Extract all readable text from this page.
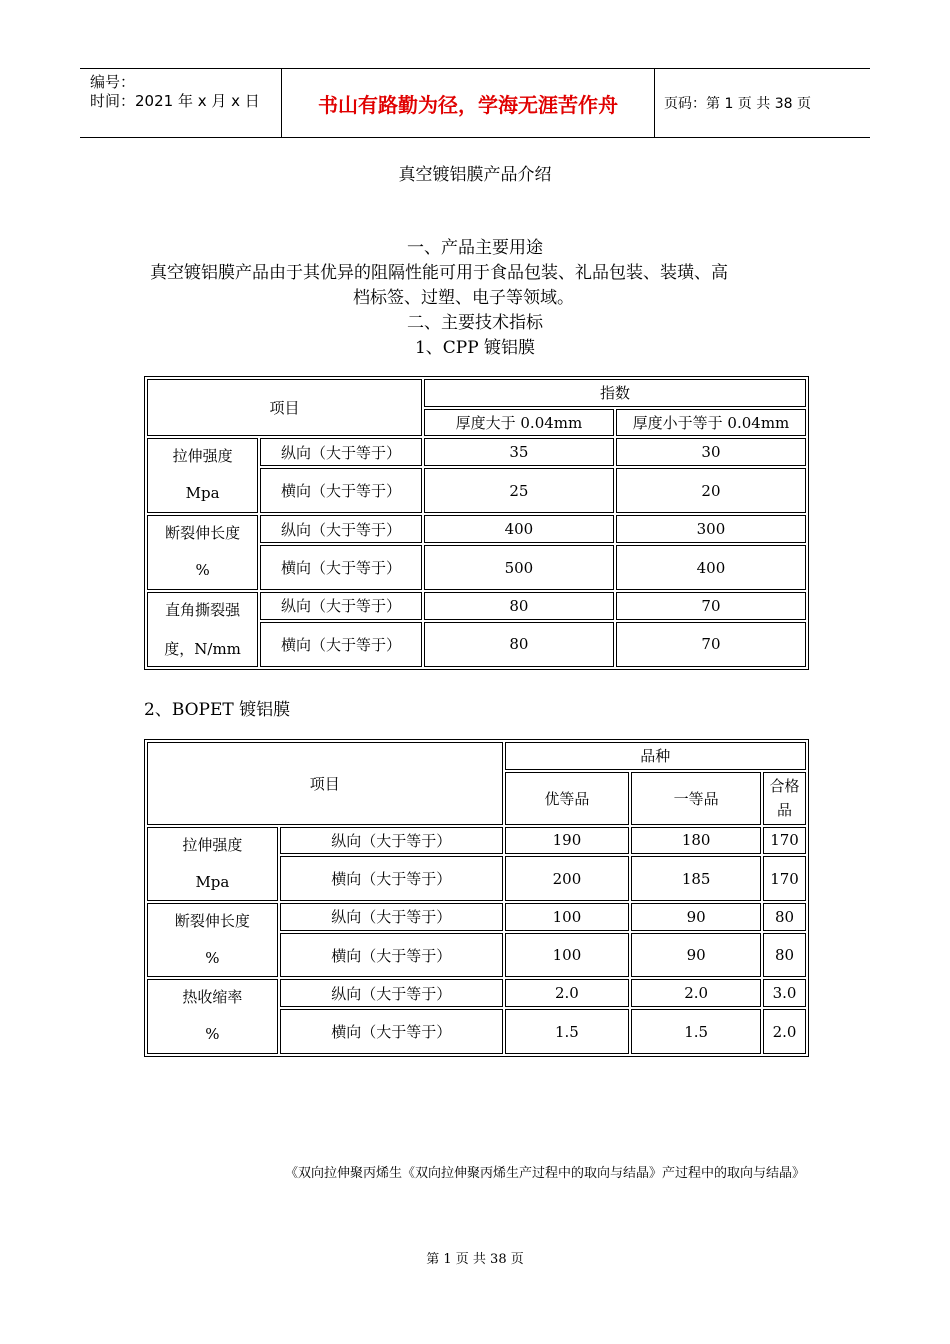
编号：
时间：2021 年 x 月 x 日	书山有路勤为径，学海无涯苦作舟	页码：第 1 页 共 38 页
真空镀铝膜产品介绍
一、产品主要用途
真空镀铝膜产品由于其优异的阻隔性能可用于食品包装、礼品包装、装璜、高
档标签、过塑、电子等领域。
二、主要技术指标
1、CPP 镀铝膜
项目		指数	
		厚度大于 0.04mm	厚度小于等于 0.04mm

拉伸强度
Mpa	纵向（大于等于）	35	30
	横向（大于等于）	25	20

断裂伸长度
%	纵向（大于等于）	400	300
	横向（大于等于）	500	400

直角撕裂强
度，N/mm	纵向（大于等于）	80	70
	横向（大于等于）	80	70
2、BOPET 镀铝膜
项目		品种		
		优等品	一等品	合格品

拉伸强度
Mpa	纵向（大于等于）	190	180	170
	横向（大于等于）	200	185	170

断裂伸长度
%	纵向（大于等于）	100	90	80
	横向（大于等于）	100	90	80

热收缩率
%	纵向（大于等于）	2.0	2.0	3.0
	横向（大于等于）	1.5	1.5	2.0
《双向拉伸聚丙烯生《双向拉伸聚丙烯生产过程中的取向与结晶》产过程中的取向与结晶》
第 1 页 共 38 页
